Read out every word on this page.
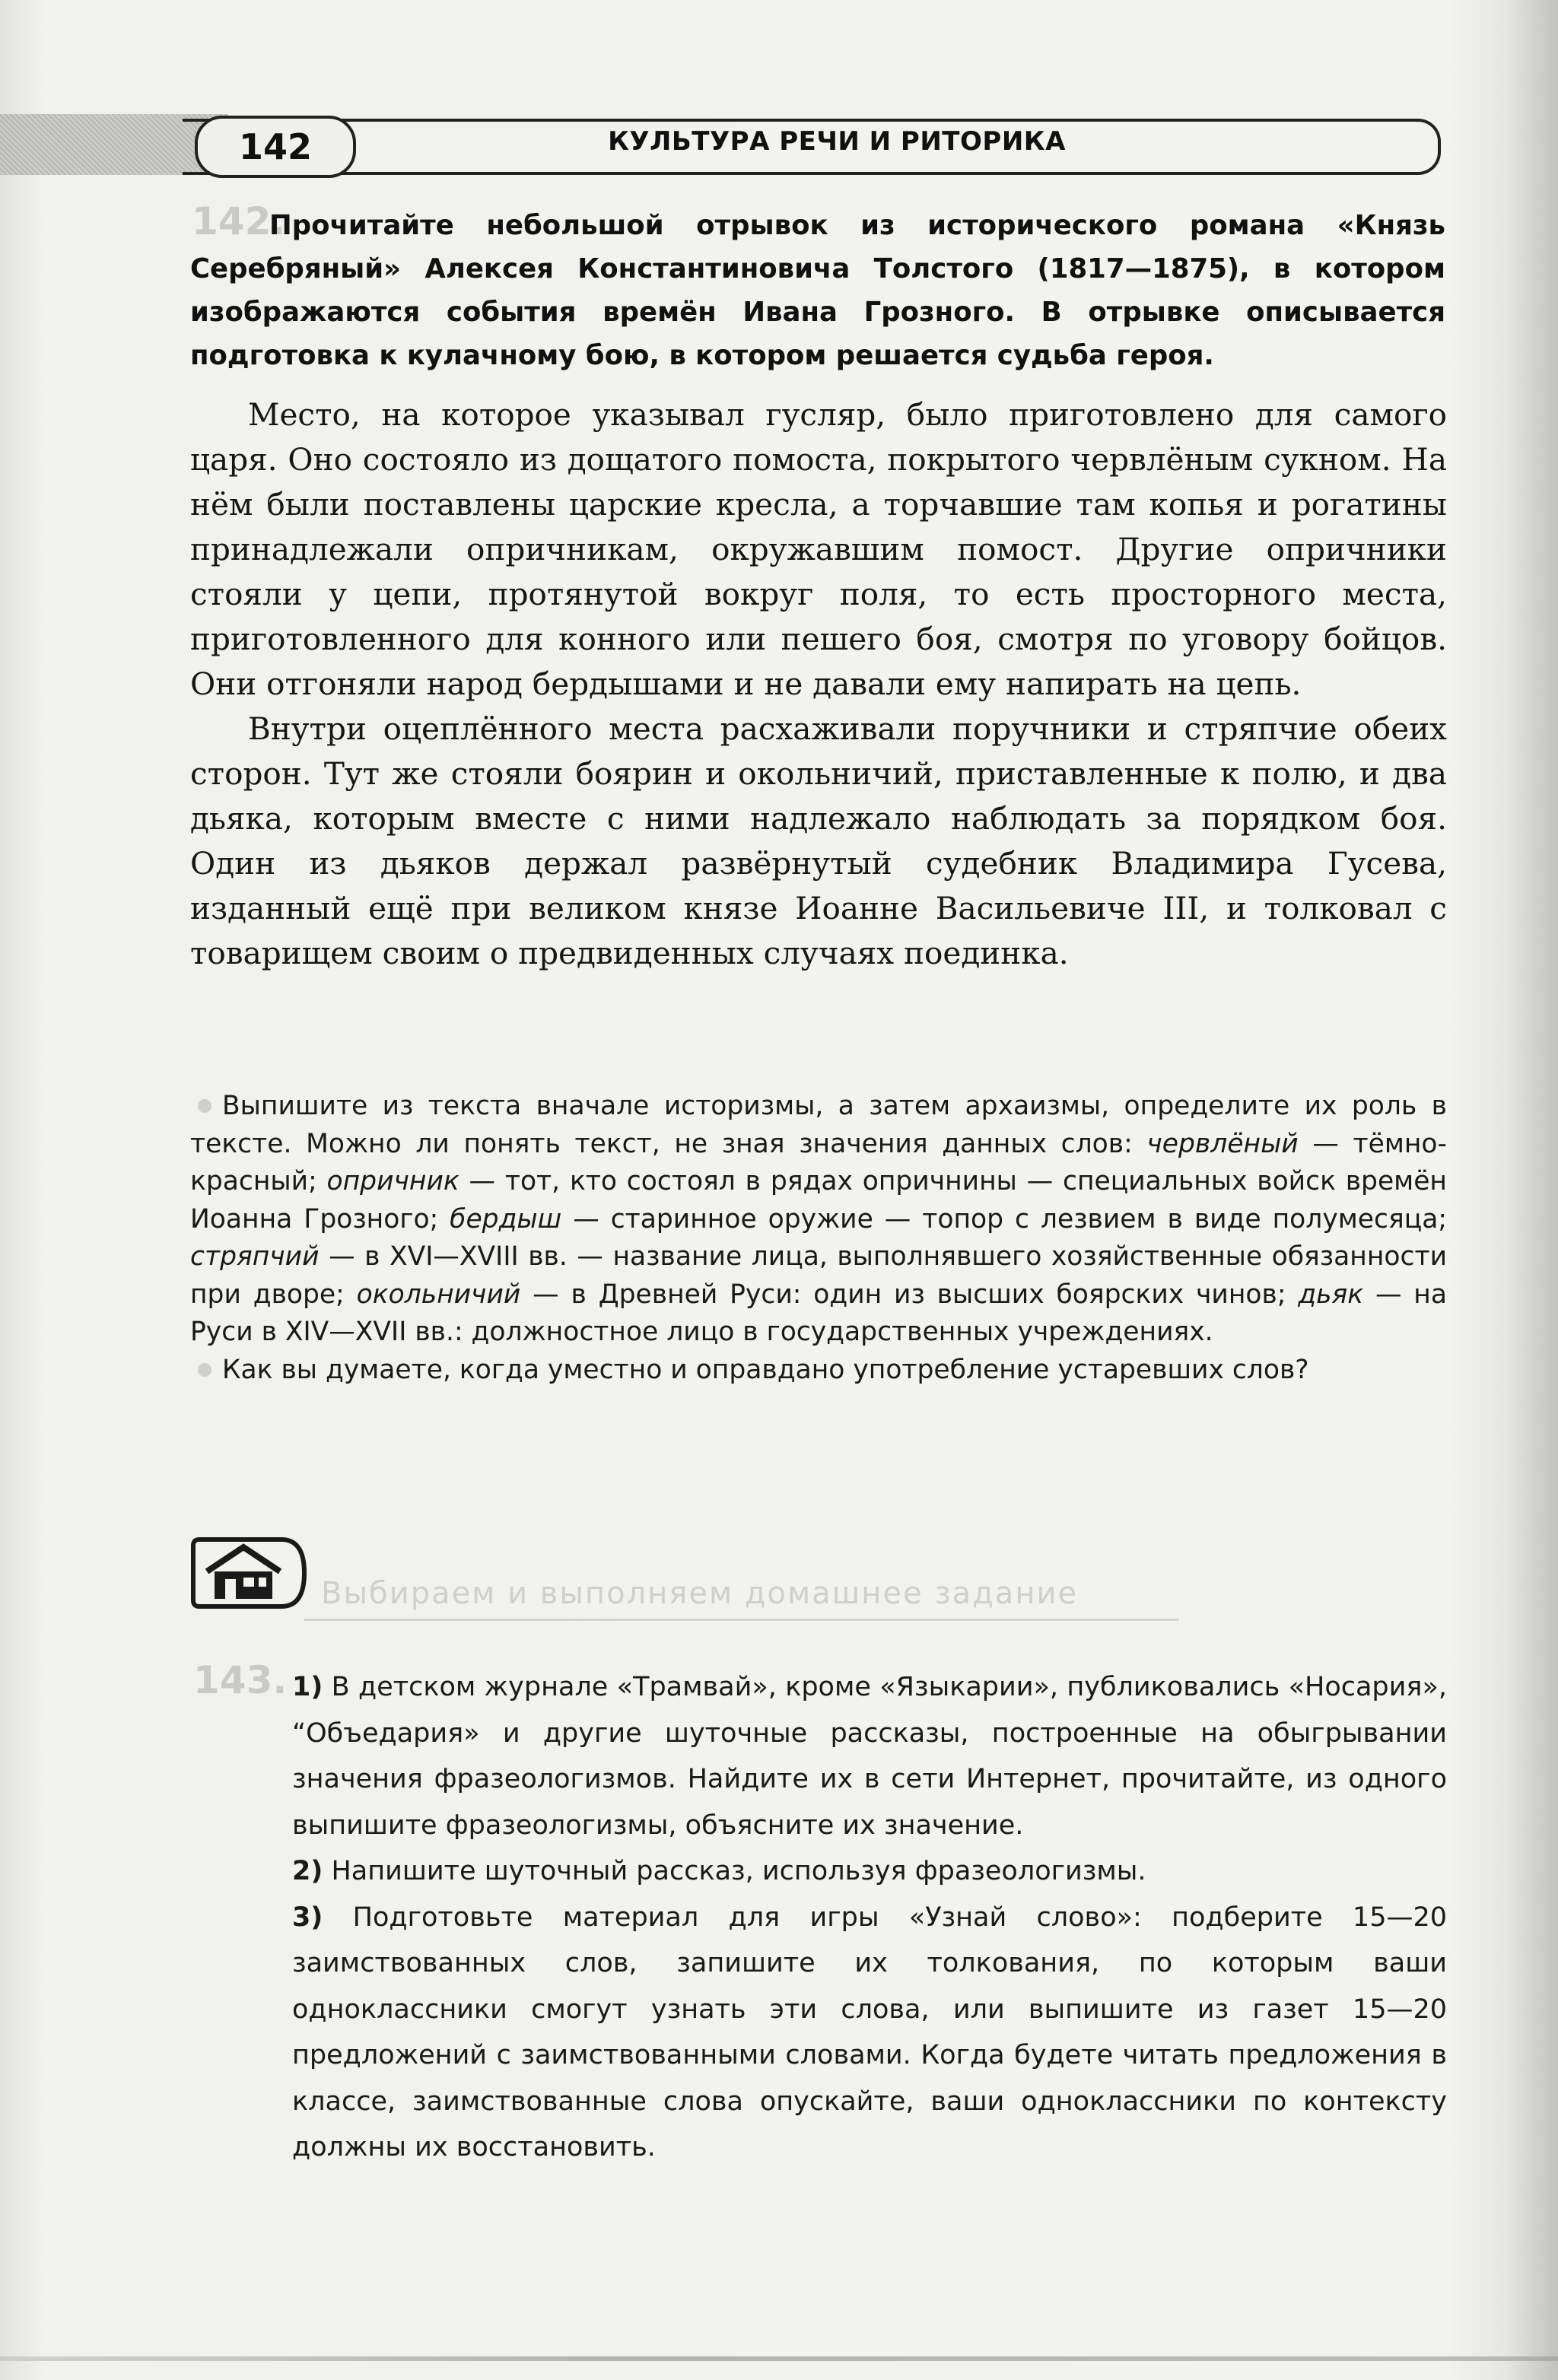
142	КУЛЬТУРА РЕЧИ И РИТОРИКА
142.
Прочитайте небольшой отрывок из исторического романа «Князь Серебряный» Алексея Константиновича Толстого (1817—1875), в котором изображаются события времён Ивана Грозного. В отрывке описывается подготовка к кулачному бою, в котором решается судьба героя.

Место, на которое указывал гусляр, было приготовлено для самого царя. Оно состояло из дощатого помоста, покрытого червлёным сукном. На нём были поставлены царские кресла, а торчавшие там копья и рогатины принадлежали опричникам, окружавшим помост. Другие опричники стояли у цепи, протянутой вокруг поля, то есть просторного места, приготовленного для конного или пешего боя, смотря по уговору бойцов. Они отгоняли народ бердышами и не давали ему напирать на цепь.

Внутри оцеплённого места расхаживали поручники и стряпчие обеих сторон. Тут же стояли боярин и окольничий, приставленные к полю, и два дьяка, которым вместе с ними надлежало наблюдать за порядком боя. Один из дьяков держал развёрнутый судебник Владимира Гусева, изданный ещё при великом князе Иоанне Васильевиче III, и толковал с товарищем своим о предвиденных случаях поединка.

Выпишите из текста вначале историзмы, а затем архаизмы, определите их роль в тексте. Можно ли понять текст, не зная значения данных слов: червлёный — тёмно-красный; опричник — тот, кто состоял в рядах опричнины — специальных войск времён Иоанна Грозного; бердыш — старинное оружие — топор с лезвием в виде полумесяца; стряпчий — в XVI—XVIII вв. — название лица, выполнявшего хозяйственные обязанности при дворе; окольничий — в Древней Руси: один из высших боярских чинов; дьяк — на Руси в XIV—XVII вв.: должностное лицо в государственных учреждениях.

Как вы думаете, когда уместно и оправдано употребление устаревших слов?

Выбираем и выполняем домашнее задание
143. 1) В детском журнале «Трамвай», кроме «Языкарии», публиковались «Носария», “Объедария» и другие шуточные рассказы, построенные на обыгрывании значения фразеологизмов. Найдите их в сети Интернет, прочитайте, из одного выпишите фразеологизмы, объясните их значение.

2) Напишите шуточный рассказ, используя фразеологизмы.

3) Подготовьте материал для игры «Узнай слово»: подберите 15—20 заимствованных слов, запишите их толкования, по которым ваши одноклассники смогут узнать эти слова, или выпишите из газет 15—20 предложений с заимствованными словами. Когда будете читать предложения в классе, заимствованные слова опускайте, ваши одноклассники по контексту должны их восстановить.
